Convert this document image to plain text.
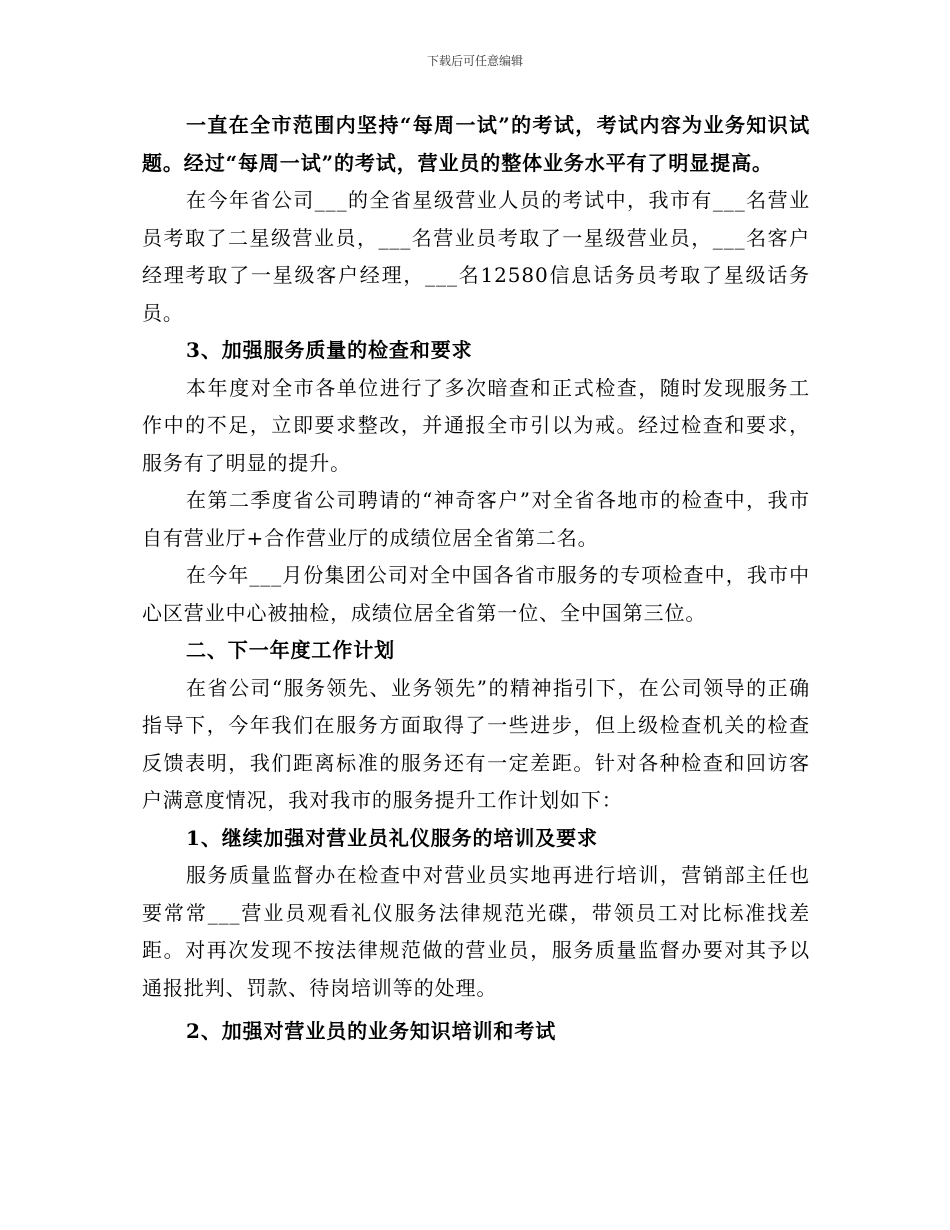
下载后可任意编辑

一直在全市范围内坚持“每周一试”的考试，考试内容为业务知识试题。经过“每周一试”的考试，营业员的整体业务水平有了明显提高。

在今年省公司___的全省星级营业人员的考试中，我市有___名营业员考取了二星级营业员，___名营业员考取了一星级营业员，___名客户经理考取了一星级客户经理，___名12580信息话务员考取了星级话务员。

3、加强服务质量的检查和要求

本年度对全市各单位进行了多次暗查和正式检查，随时发现服务工作中的不足，立即要求整改，并通报全市引以为戒。经过检查和要求，服务有了明显的提升。

在第二季度省公司聘请的“神奇客户”对全省各地市的检查中，我市自有营业厅+合作营业厅的成绩位居全省第二名。

在今年___月份集团公司对全中国各省市服务的专项检查中，我市中心区营业中心被抽检，成绩位居全省第一位、全中国第三位。

二、下一年度工作计划

在省公司“服务领先、业务领先”的精神指引下，在公司领导的正确指导下，今年我们在服务方面取得了一些进步，但上级检查机关的检查反馈表明，我们距离标准的服务还有一定差距。针对各种检查和回访客户满意度情况，我对我市的服务提升工作计划如下：

1、继续加强对营业员礼仪服务的培训及要求

服务质量监督办在检查中对营业员实地再进行培训，营销部主任也要常常___营业员观看礼仪服务法律规范光碟，带领员工对比标准找差距。对再次发现不按法律规范做的营业员，服务质量监督办要对其予以通报批判、罚款、待岗培训等的处理。

2、加强对营业员的业务知识培训和考试
